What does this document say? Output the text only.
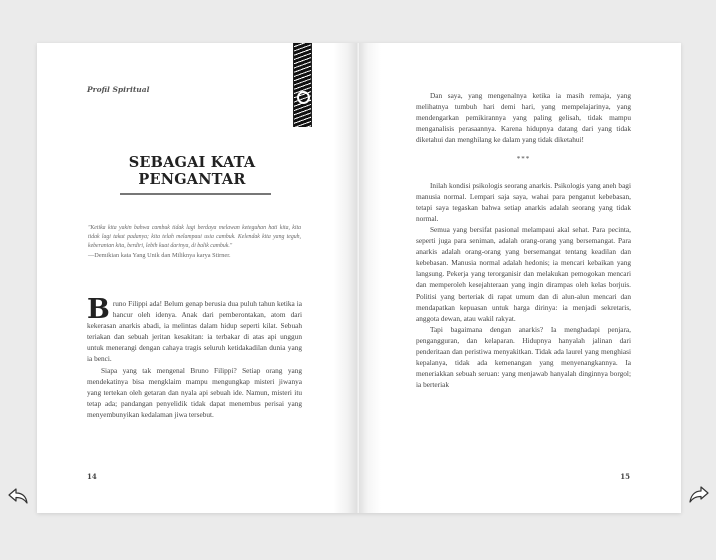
Profil Spiritual
SEBAGAI KATA
PENGANTAR
"Ketika kita yakin bahwa cambuk tidak lagi berdaya melawan keteguhan hati kita, kita tidak lagi takut padanya; kita telah melampaui usia cambuk. Kelendak kita yang teguh, keberanian kita, berdiri, lebih kuat darinya, di balik cambuk."
—Demikian kata Yang Unik dan Miliknya karya Stirner.

Bruno Filippi ada! Belum genap berusia dua puluh tahun ketika ia hancur oleh idenya. Anak dari pemberontakan, atom dari kekerasan anarkis abadi, ia melintas dalam hidup seperti kilat. Sebuah teriakan dan sebuah jeritan kesakitan: ia terbakar di atas api unggun untuk menerangi dengan cahaya tragis seluruh ketidakadilan dunia yang ia benci.

Siapa yang tak mengenal Bruno Filippi? Setiap orang yang mendekatinya bisa mengklaim mampu mengungkap misteri jiwanya yang tertekan oleh getaran dan nyala api sebuah ide. Namun, misteri itu tetap ada; pandangan penyelidik tidak dapat menembus perisai yang menyembunyikan kedalaman jiwa tersebut.

14

Dan saya, yang mengenalnya ketika ia masih remaja, yang melihatnya tumbuh hari demi hari, yang mempelajarinya, yang mendengarkan pemikirannya yang paling gelisah, tidak mampu menganalisis perasaannya. Karena hidupnya datang dari yang tidak diketahui dan menghilang ke dalam yang tidak diketahui!

***

Inilah kondisi psikologis seorang anarkis. Psikologis yang aneh bagi manusia normal. Lempari saja saya, wahai para penganut kebebasan, tetapi saya tegaskan bahwa setiap anarkis adalah seorang yang tidak normal.

Semua yang bersifat pasional melampaui akal sehat. Para pecinta, seperti juga para seniman, adalah orang-orang yang bersemangat. Para anarkis adalah orang-orang yang bersemangat tentang keadilan dan kebebasan. Manusia normal adalah hedonis; ia mencari kebaikan yang langsung. Pekerja yang terorganisir dan melakukan pemogokan mencari dan memperoleh kesejahteraan yang ingin dirampas oleh kelas borjuis. Politisi yang berteriak di rapat umum dan di alun-alun mencari dan mendapatkan kepuasan untuk harga dirinya: ia menjadi sekretaris, anggota dewan, atau wakil rakyat.

Tapi bagaimana dengan anarkis? Ia menghadapi penjara, pengangguran, dan kelaparan. Hidupnya hanyalah jalinan dari penderitaan dan peristiwa menyakitkan. Tidak ada laurel yang menghiasi kepalanya, tidak ada kemenangan yang menyenangkannya. Ia meneriakkan sebuah seruan: yang menjawab hanyalah dinginnya borgol; ia berteriak

15
